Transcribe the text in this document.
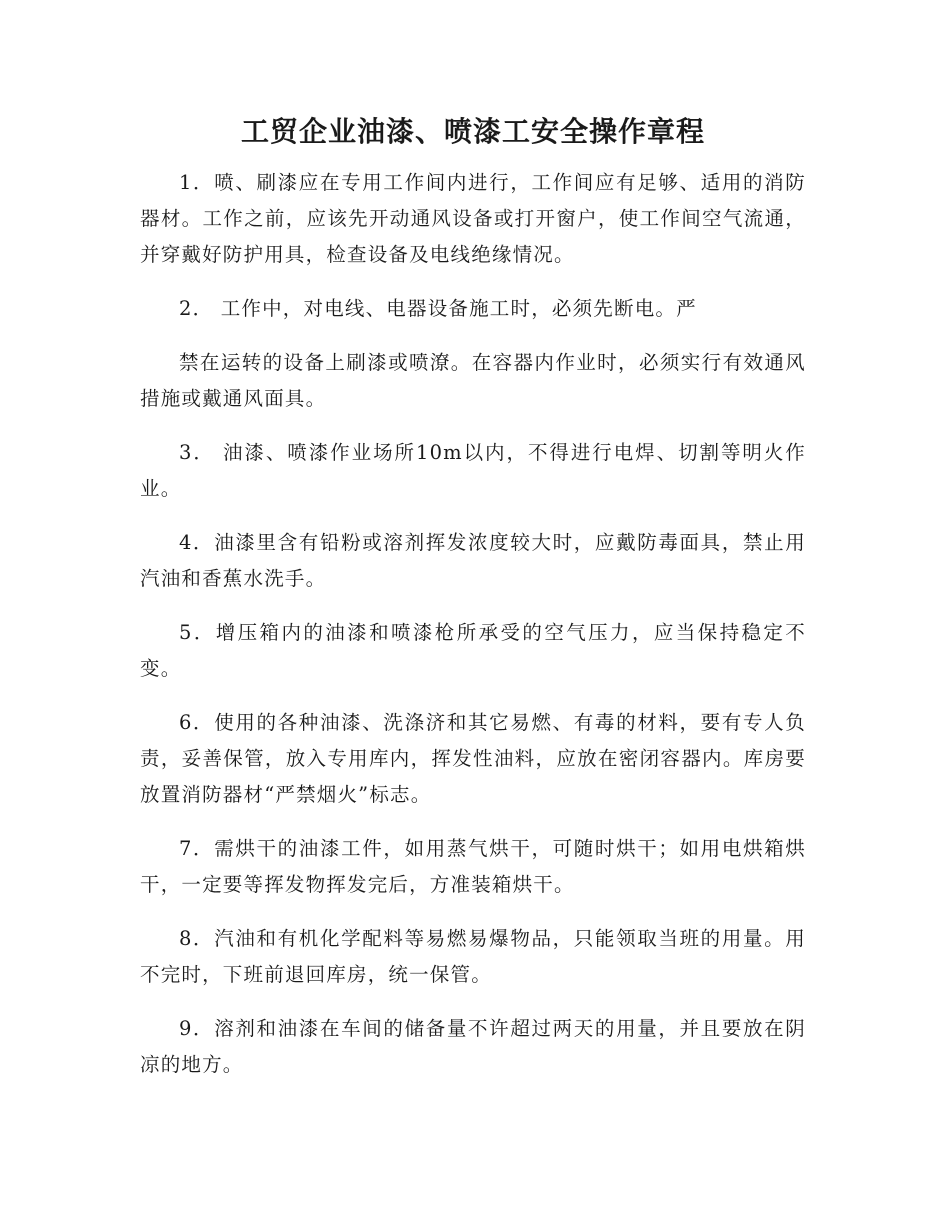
工贸企业油漆、喷漆工安全操作章程

1．喷、刷漆应在专用工作间内进行，工作间应有足够、适用的消防器材。工作之前，应该先开动通风设备或打开窗户，使工作间空气流通，并穿戴好防护用具，检查设备及电线绝缘情况。

2． 工作中，对电线、电器设备施工时，必须先断电。严

禁在运转的设备上刷漆或喷潦。在容器内作业时，必须实行有效通风措施或戴通风面具。

3． 油漆、喷漆作业场所10m以内，不得进行电焊、切割等明火作业。

4．油漆里含有铅粉或溶剂挥发浓度较大时，应戴防毒面具，禁止用汽油和香蕉水洗手。

5．增压箱内的油漆和喷漆枪所承受的空气压力，应当保持稳定不变。

6．使用的各种油漆、洗涤济和其它易燃、有毒的材料，要有专人负责，妥善保管，放入专用库内，挥发性油料，应放在密闭容器内。库房要放置消防器材“严禁烟火”标志。

7．需烘干的油漆工件，如用蒸气烘干，可随时烘干；如用电烘箱烘干，一定要等挥发物挥发完后，方准装箱烘干。

8．汽油和有机化学配料等易燃易爆物品，只能领取当班的用量。用不完时，下班前退回库房，统一保管。

9．溶剂和油漆在车间的储备量不许超过两天的用量，并且要放在阴凉的地方。
